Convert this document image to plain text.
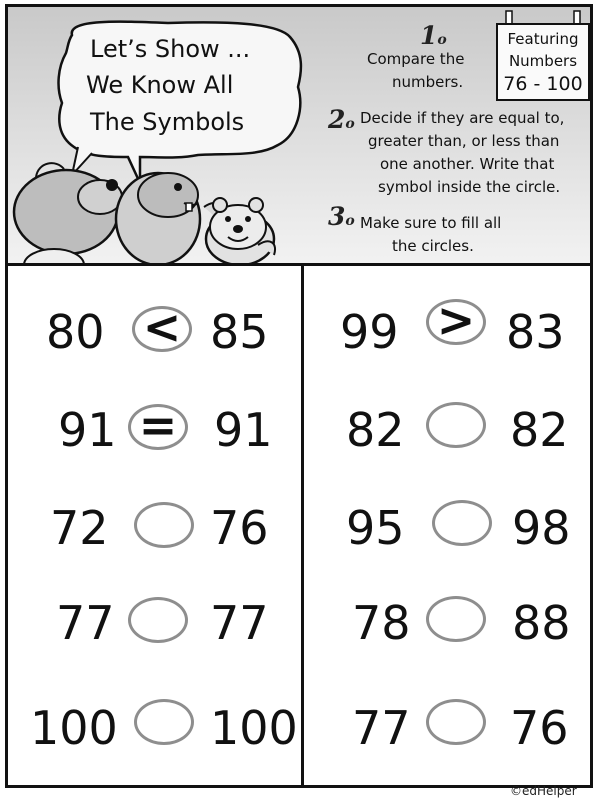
Let’s Show ...
We Know All
The Symbols
1o
Compare the
numbers.
2o Decide if they are equal to,
greater than, or less than
one another. Write that
symbol inside the circle.
3o Make sure to fill all
the circles.
Featuring
Numbers
76 - 100
80 < 85
91 = 91
72 76
77 77
100 100
99 > 83
82 82
95 98
78 88
77 76
©edHelper
